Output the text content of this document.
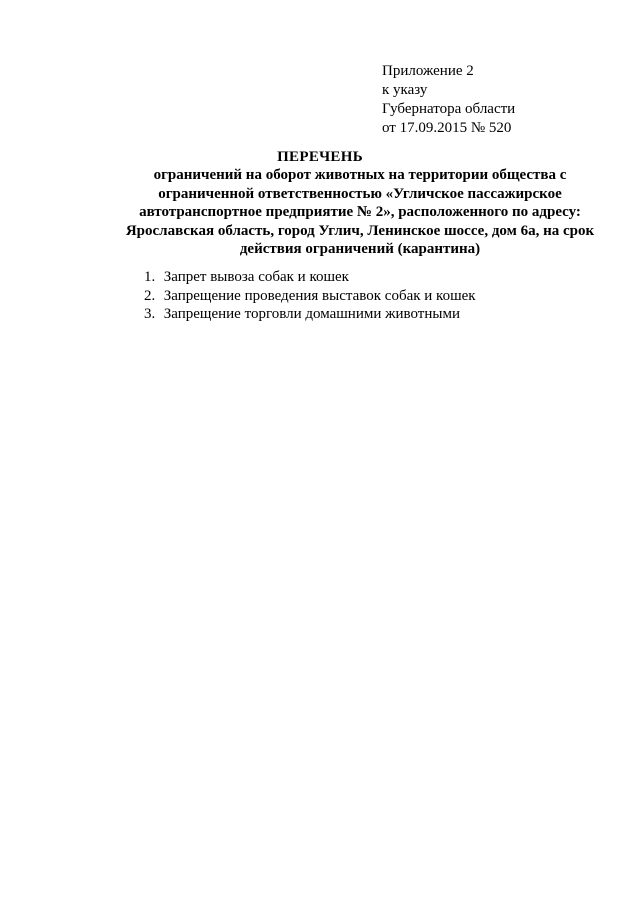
Приложение 2
к указу
Губернатора области
от 17.09.2015 № 520
ПЕРЕЧЕНЬ
ограничений на оборот животных на территории общества с
ограниченной ответственностью «Угличское пассажирское
автотранспортное предприятие № 2», расположенного по адресу:
Ярославская область, город Углич, Ленинское шоссе, дом 6а, на срок
действия ограничений (карантина)
1. Запрет вывоза собак и кошек
2. Запрещение проведения выставок собак и кошек
3. Запрещение торговли домашними животными
